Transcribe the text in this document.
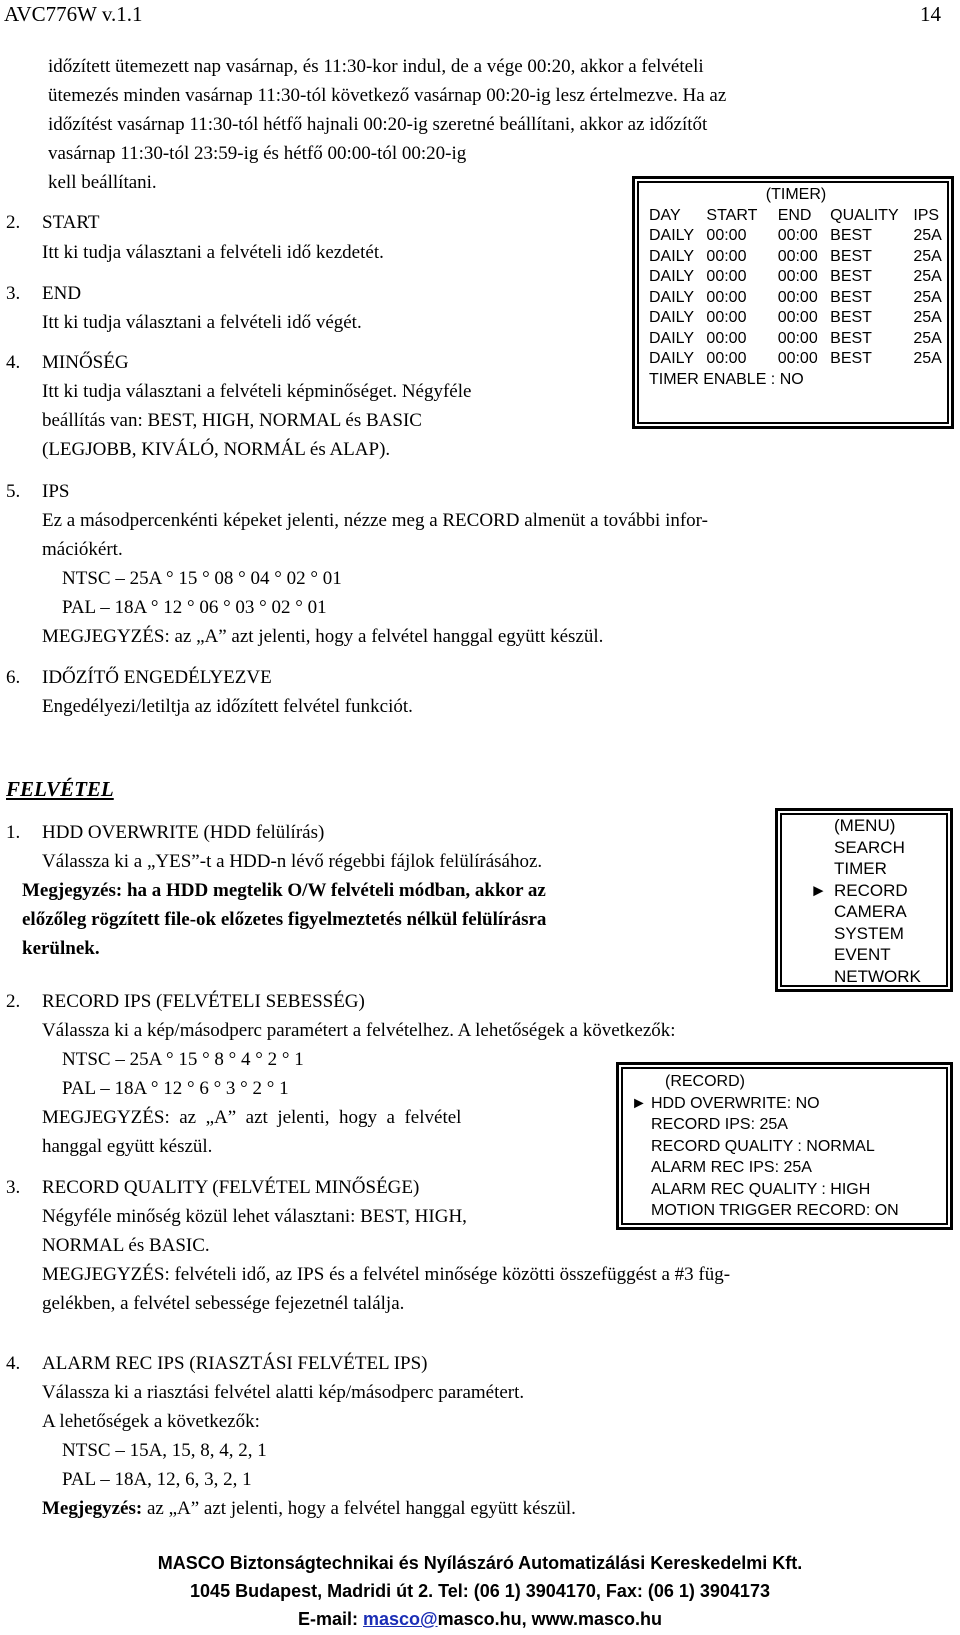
AVC776W v.1.1	14
időzített ütemezett nap vasárnap, és 11:30-kor indul, de a vége 00:20, akkor a felvételi
ütemezés minden vasárnap 11:30-tól következő vasárnap 00:20-ig lesz értelmezve. Ha az
időzítést vasárnap 11:30-tól hétfő hajnali 00:20-ig szeretné beállítani, akkor az időzítőt
vasárnap 11:30-tól 23:59-ig és hétfő 00:00-tól 00:20-ig
kell beállítani.
2. START
Itt ki tudja választani a felvételi idő kezdetét.
3. END
Itt ki tudja választani a felvételi idő végét.
4. MINŐSÉG
Itt ki tudja választani a felvételi képminőséget. Négyféle
beállítás van: BEST, HIGH, NORMAL és BASIC
(LEGJOBB, KIVÁLÓ, NORMÁL és ALAP).
5. IPS
Ez a másodpercenkénti képeket jelenti, nézze meg a RECORD almenüt a további infor-
mációkért.
NTSC – 25A ° 15 ° 08 ° 04 ° 02 ° 01
PAL – 18A ° 12 ° 06 ° 03 ° 02 ° 01
MEGJEGYZÉS: az „A” azt jelenti, hogy a felvétel hanggal együtt készül.
6. IDŐZÍTŐ ENGEDÉLYEZVE
Engedélyezi/letiltja az időzített felvétel funkciót.
(TIMER)
DAY	START	END	QUALITY IPS
DAILY 00:00	00:00 BEST	25A
DAILY 00:00	00:00 BEST	25A
DAILY 00:00	00:00 BEST	25A
DAILY 00:00	00:00 BEST	25A
DAILY 00:00	00:00 BEST	25A
DAILY 00:00	00:00 BEST	25A
DAILY 00:00	00:00 BEST	25A
TIMER ENABLE : NO
FELVÉTEL
1. HDD OVERWRITE (HDD felülírás)
Válassza ki a „YES”-t a HDD-n lévő régebbi fájlok felülírásához.
Megjegyzés: ha a HDD megtelik O/W felvételi módban, akkor az
előzőleg rögzített file-ok előzetes figyelmeztetés nélkül felülírásra
kerülnek.
(MENU)
SEARCH
TIMER
► RECORD
CAMERA
SYSTEM
EVENT
NETWORK
2. RECORD IPS (FELVÉTELI SEBESSÉG)
Válassza ki a kép/másodperc paramétert a felvételhez. A lehetőségek a következők:
NTSC – 25A ° 15 ° 8 ° 4 ° 2 ° 1
PAL – 18A ° 12 ° 6 ° 3 ° 2 ° 1
MEGJEGYZÉS:  az  „A”  azt  jelenti,  hogy  a  felvétel
hanggal együtt készül.
(RECORD)
► HDD OVERWRITE: NO
RECORD IPS: 25A
RECORD QUALITY : NORMAL
ALARM REC IPS: 25A
ALARM REC QUALITY : HIGH
MOTION TRIGGER RECORD: ON
3. RECORD QUALITY (FELVÉTEL MINŐSÉGE)
Négyféle minőség közül lehet választani: BEST, HIGH,
NORMAL és BASIC.
MEGJEGYZÉS: felvételi idő, az IPS és a felvétel minősége közötti összefüggést a #3 füg-
gelékben, a felvétel sebessége fejezetnél találja.
4. ALARM REC IPS (RIASZTÁSI FELVÉTEL IPS)
Válassza ki a riasztási felvétel alatti kép/másodperc paramétert.
A lehetőségek a következők:
NTSC – 15A, 15, 8, 4, 2, 1
PAL – 18A, 12, 6, 3, 2, 1
Megjegyzés: az „A” azt jelenti, hogy a felvétel hanggal együtt készül.
MASCO Biztonságtechnikai és Nyílászáró Automatizálási Kereskedelmi Kft.
1045 Budapest, Madridi út 2. Tel: (06 1) 3904170, Fax: (06 1) 3904173
E-mail: masco@masco.hu, www.masco.hu
